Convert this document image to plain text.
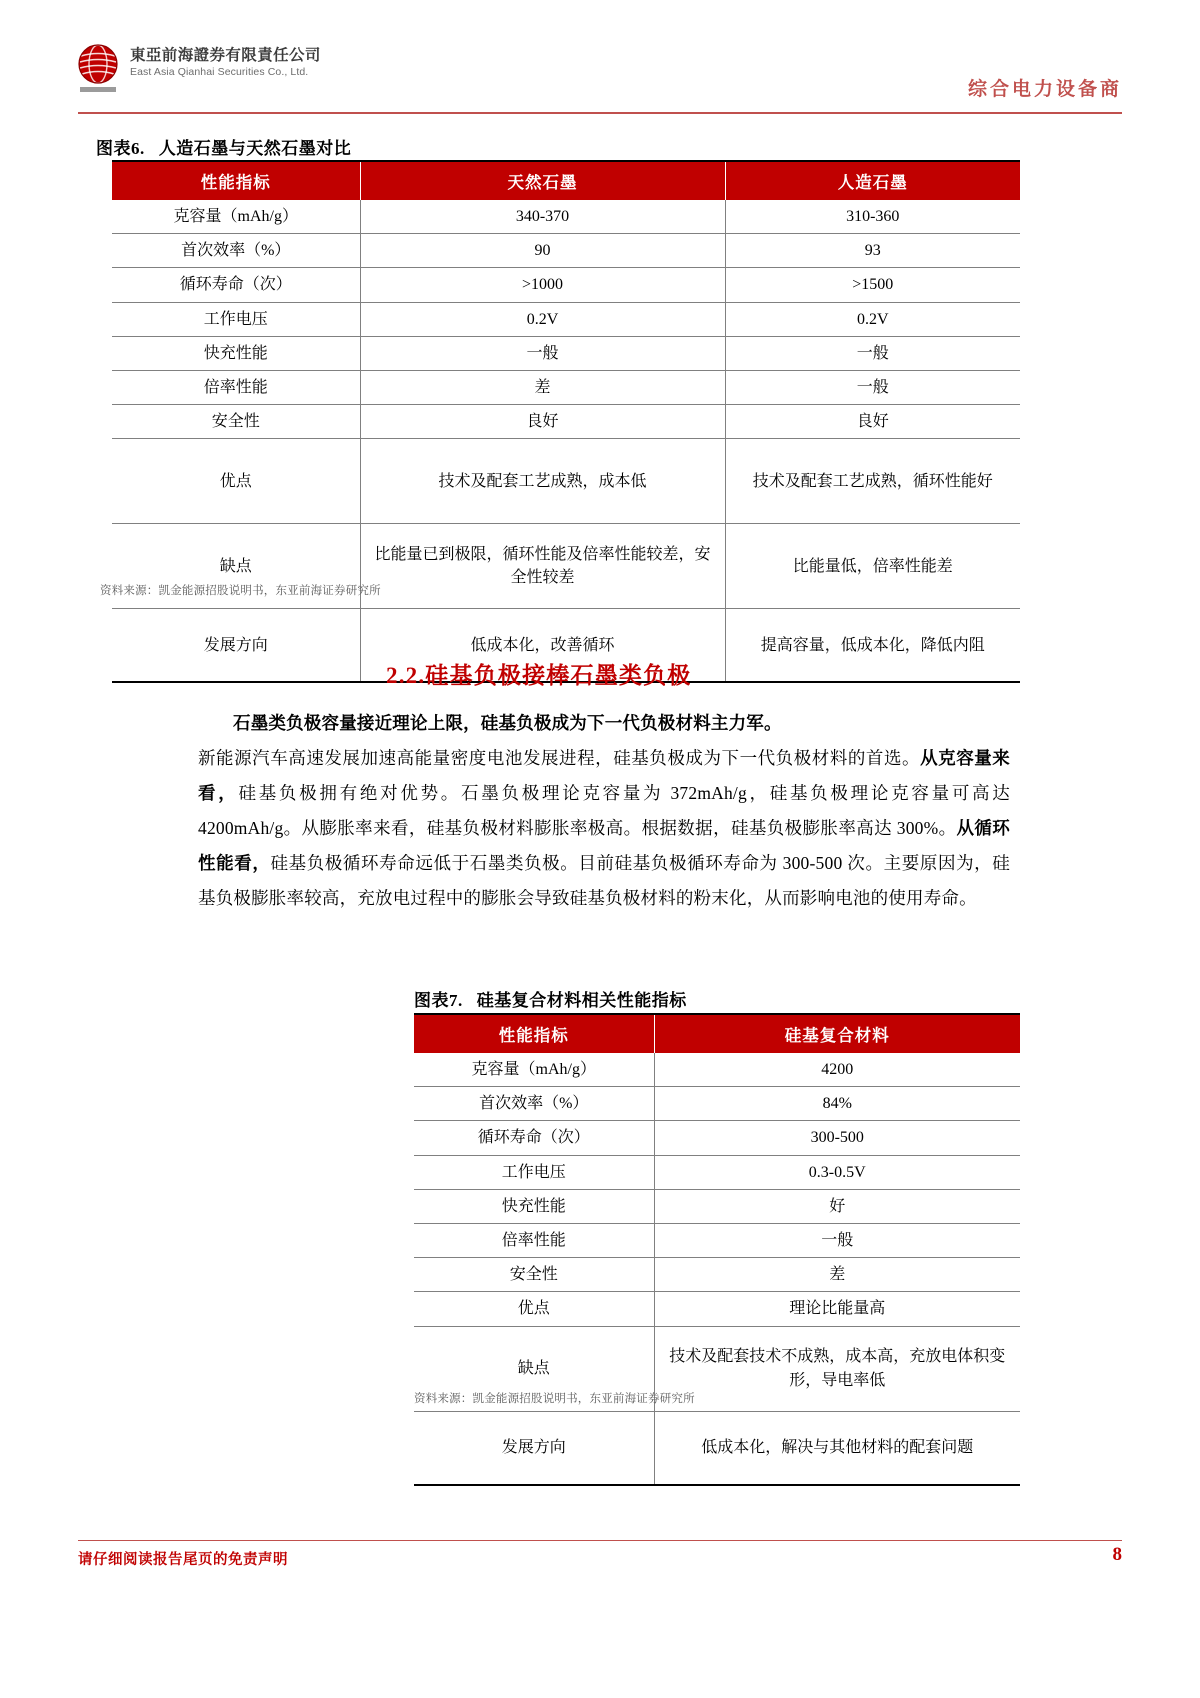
東亞前海證券有限責任公司
East Asia Qianhai Securities Co., Ltd.
综合电力设备商
图表6. 人造石墨与天然石墨对比
性能指标	天然石墨	人造石墨
克容量（mAh/g）	340-370	310-360
首次效率（%）	90	93
循环寿命（次）	>1000	>1500
工作电压	0.2V	0.2V
快充性能	一般	一般
倍率性能	差	一般
安全性	良好	良好
优点	技术及配套工艺成熟，成本低	技术及配套工艺成熟，循环性能好
缺点	比能量已到极限，循环性能及倍率性能较差，安全性较差	比能量低，倍率性能差
发展方向	低成本化，改善循环	提高容量，低成本化，降低内阻
资料来源：凯金能源招股说明书，东亚前海证券研究所
2.2.硅基负极接棒石墨类负极
石墨类负极容量接近理论上限，硅基负极成为下一代负极材料主力军。
新能源汽车高速发展加速高能量密度电池发展进程，硅基负极成为下一代负极材料的首选。从克容量来看，硅基负极拥有绝对优势。石墨负极理论克容量为 372mAh/g，硅基负极理论克容量可高达 4200mAh/g。从膨胀率来看，硅基负极材料膨胀率极高。根据数据，硅基负极膨胀率高达 300%。从循环性能看，硅基负极循环寿命远低于石墨类负极。目前硅基负极循环寿命为 300-500 次。主要原因为，硅基负极膨胀率较高，充放电过程中的膨胀会导致硅基负极材料的粉末化，从而影响电池的使用寿命。
图表7. 硅基复合材料相关性能指标
性能指标	硅基复合材料
克容量（mAh/g）	4200
首次效率（%）	84%
循环寿命（次）	300-500
工作电压	0.3-0.5V
快充性能	好
倍率性能	一般
安全性	差
优点	理论比能量高
缺点	技术及配套技术不成熟，成本高，充放电体积变形，导电率低
发展方向	低成本化，解决与其他材料的配套问题
资料来源：凯金能源招股说明书，东亚前海证券研究所
请仔细阅读报告尾页的免责声明	8
